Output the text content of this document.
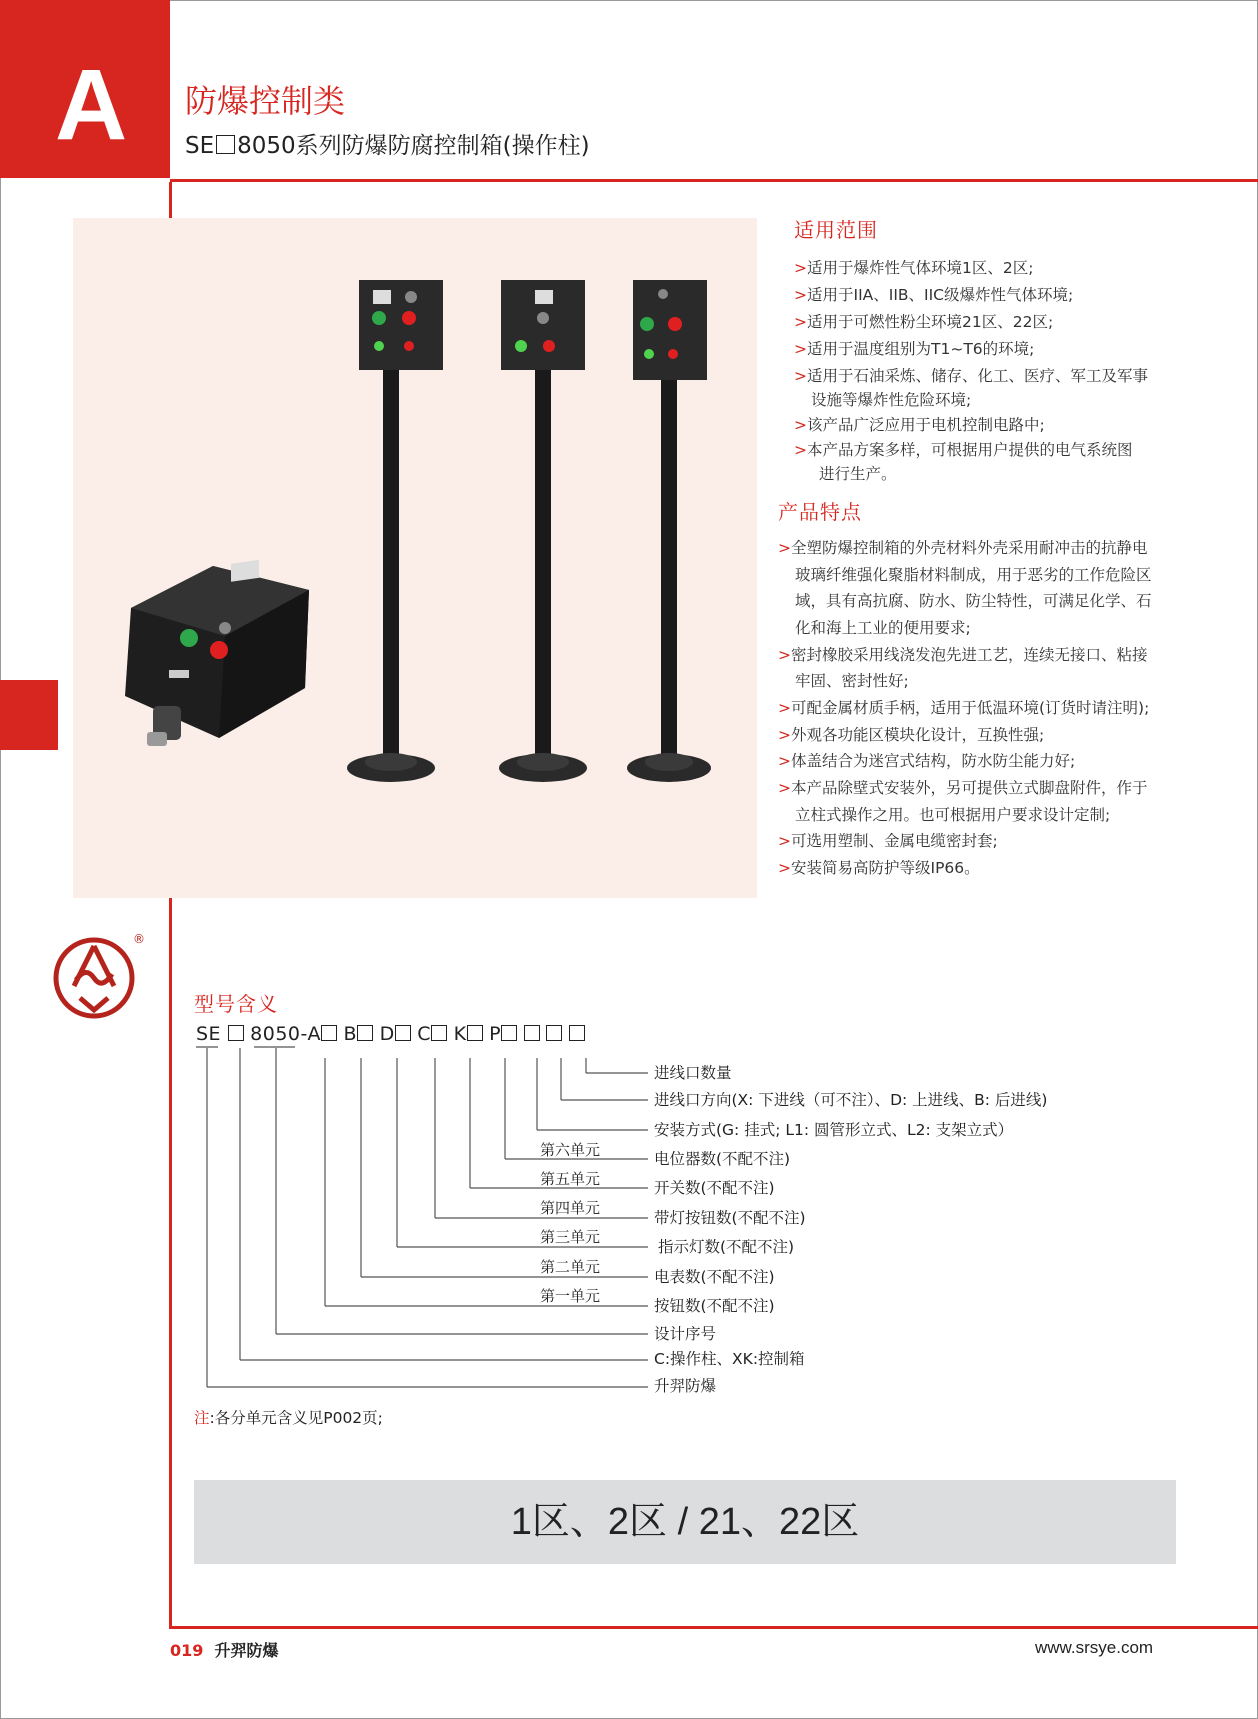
A 防爆控制类
SE 8050系列防爆防腐控制箱(操作柱)
适用范围
>适用于爆炸性气体环境1区、2区;
>适用于IIA、IIB、IIC级爆炸性气体环境;
>适用于可燃性粉尘环境21区、22区;
>适用于温度组别为T1~T6的环境;
>适用于石油采炼、储存、化工、医疗、军工及军事
设施等爆炸性危险环境;
>该产品广泛应用于电机控制电路中;
>本产品方案多样，可根据用户提供的电气系统图
进行生产。
产品特点
>全塑防爆控制箱的外壳材料外壳采用耐冲击的抗静电
玻璃纤维强化聚脂材料制成，用于恶劣的工作危险区
域，具有高抗腐、防水、防尘特性，可满足化学、石
化和海上工业的便用要求;
>密封橡胶采用线浇发泡先进工艺，连续无接口、粘接
牢固、密封性好;
>可配金属材质手柄，适用于低温环境(订货时请注明);
>外观各功能区模块化设计，互换性强;
>体盖结合为迷宫式结构，防水防尘能力好;
>本产品除壁式安装外，另可提供立式脚盘附件，作于
立柱式操作之用。也可根据用户要求设计定制;
>可选用塑制、金属电缆密封套;
>安装简易高防护等级IP66。
®
型号含义
SE 8050-A B D C K P
进线口数量
进线口方向(X: 下进线（可不注）、D: 上进线、B: 后进线)
安装方式(G: 挂式; L1: 圆管形立式、L2: 支架立式）
电位器数(不配不注)
开关数(不配不注)
带灯按钮数(不配不注)
指示灯数(不配不注)
电表数(不配不注)
按钮数(不配不注)
设计序号
C:操作柱、XK:控制箱
升羿防爆
第六单元
第五单元
第四单元
第三单元
第二单元
第一单元
注:各分单元含义见P002页;
1区、2区 / 21、22区
019 升羿防爆	www.srsye.com
